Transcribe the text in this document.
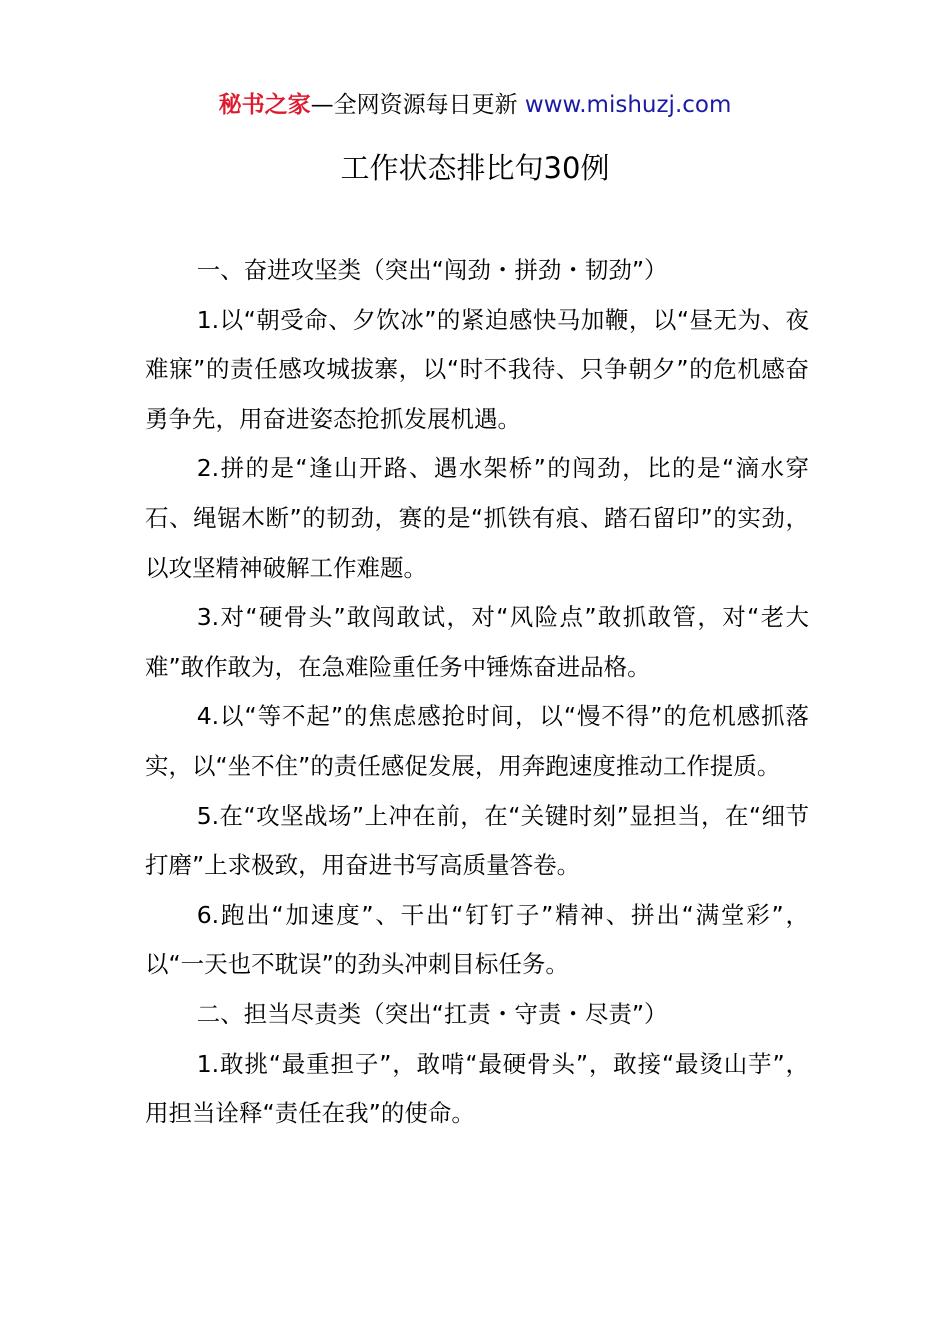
秘书之家—全网资源每日更新 www.mishuzj.com
工作状态排比句30例

一、奋进攻坚类（突出“闯劲・拼劲・韧劲”）

1.以“朝受命、夕饮冰”的紧迫感快马加鞭，以“昼无为、夜难寐”的责任感攻城拔寨，以“时不我待、只争朝夕”的危机感奋勇争先，用奋进姿态抢抓发展机遇。

2.拼的是“逢山开路、遇水架桥”的闯劲，比的是“滴水穿石、绳锯木断”的韧劲，赛的是“抓铁有痕、踏石留印”的实劲，以攻坚精神破解工作难题。

3.对“硬骨头”敢闯敢试，对“风险点”敢抓敢管，对“老大难”敢作敢为，在急难险重任务中锤炼奋进品格。

4.以“等不起”的焦虑感抢时间，以“慢不得”的危机感抓落实，以“坐不住”的责任感促发展，用奔跑速度推动工作提质。

5.在“攻坚战场”上冲在前，在“关键时刻”显担当，在“细节打磨”上求极致，用奋进书写高质量答卷。

6.跑出“加速度”、干出“钉钉子”精神、拼出“满堂彩”，以“一天也不耽误”的劲头冲刺目标任务。

二、担当尽责类（突出“扛责・守责・尽责”）

1.敢挑“最重担子”，敢啃“最硬骨头”，敢接“最烫山芋”，用担当诠释“责任在我”的使命。
